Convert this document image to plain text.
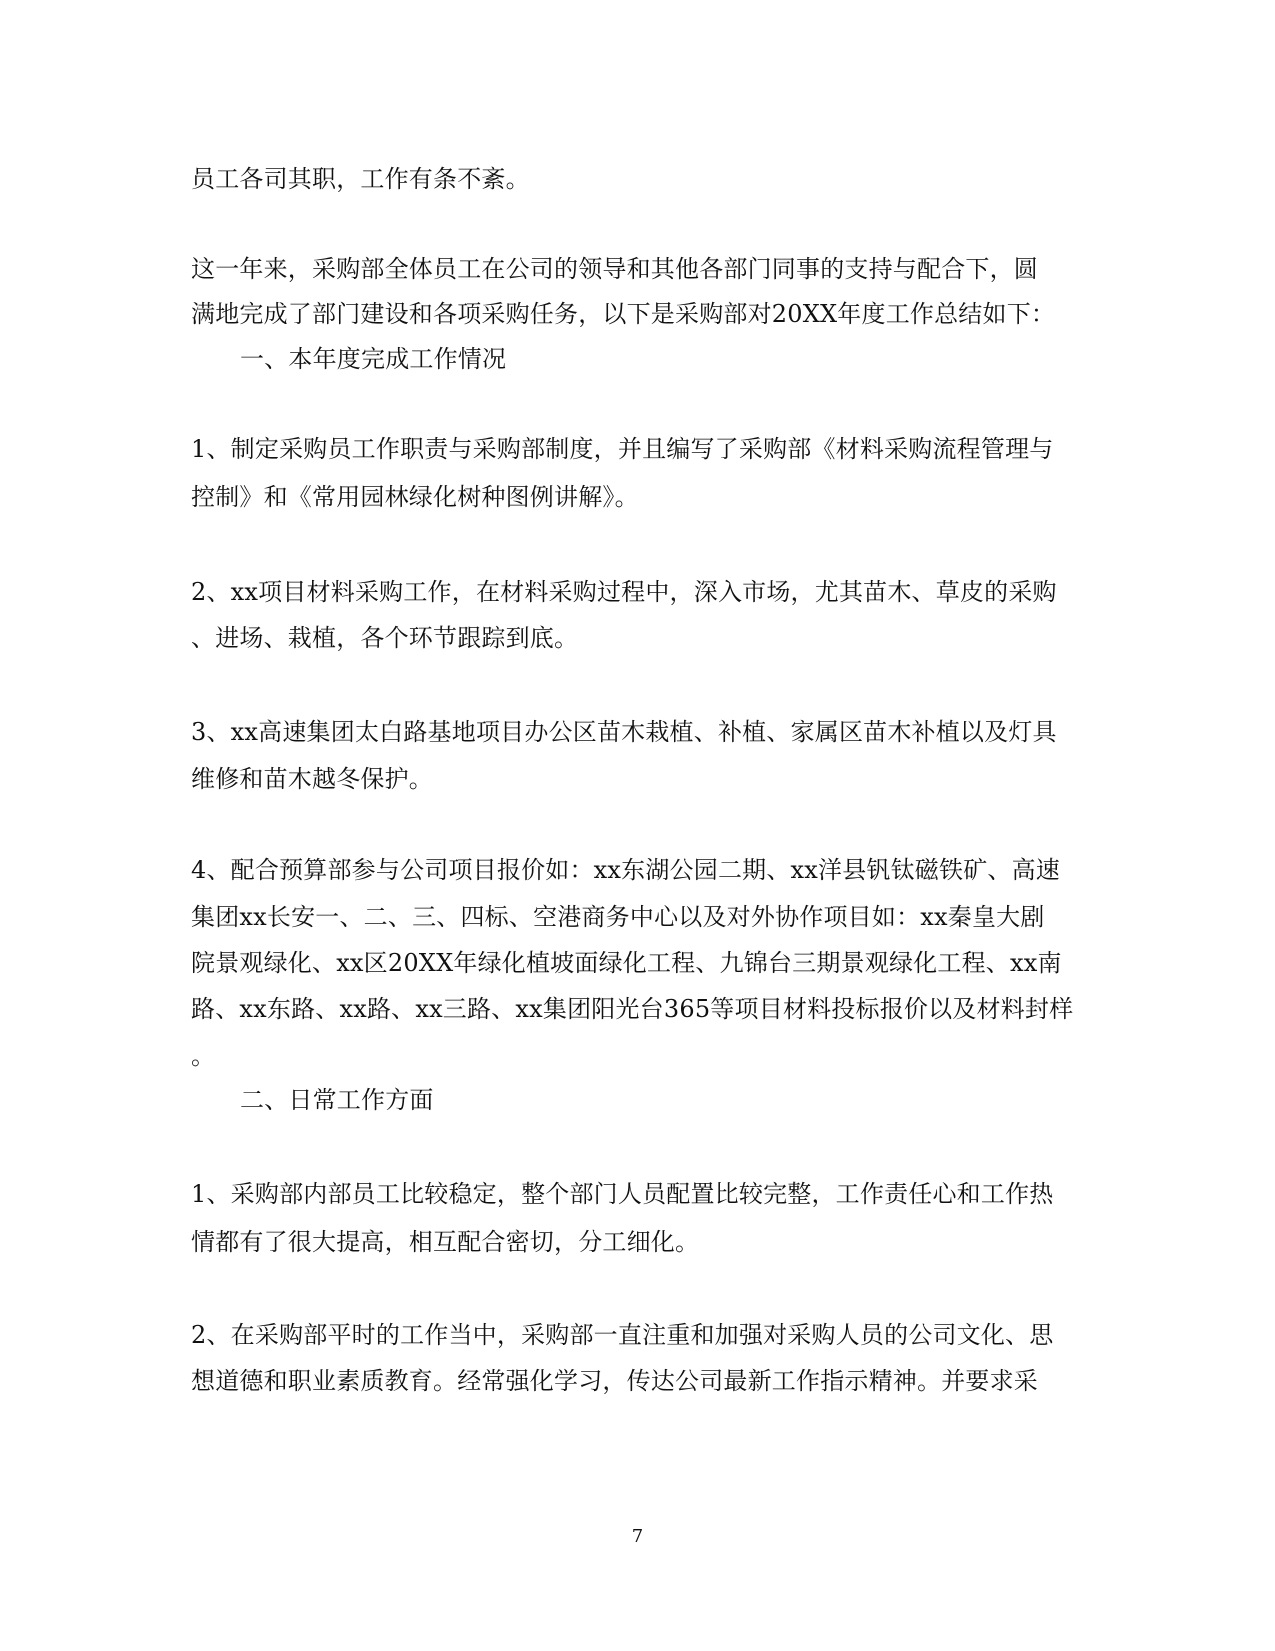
员工各司其职，工作有条不紊。
这一年来，采购部全体员工在公司的领导和其他各部门同事的支持与配合下，圆
满地完成了部门建设和各项采购任务，以下是采购部对20XX年度工作总结如下：
一、本年度完成工作情况
1、制定采购员工作职责与采购部制度，并且编写了采购部《材料采购流程管理与
控制》和《常用园林绿化树种图例讲解》。
2、xx项目材料采购工作，在材料采购过程中，深入市场，尤其苗木、草皮的采购
、进场、栽植，各个环节跟踪到底。
3、xx高速集团太白路基地项目办公区苗木栽植、补植、家属区苗木补植以及灯具
维修和苗木越冬保护。
4、配合预算部参与公司项目报价如：xx东湖公园二期、xx洋县钒钛磁铁矿、高速
集团xx长安一、二、三、四标、空港商务中心以及对外协作项目如：xx秦皇大剧
院景观绿化、xx区20XX年绿化植坡面绿化工程、九锦台三期景观绿化工程、xx南
路、xx东路、xx路、xx三路、xx集团阳光台365等项目材料投标报价以及材料封样
。
二、日常工作方面
1、采购部内部员工比较稳定，整个部门人员配置比较完整，工作责任心和工作热
情都有了很大提高，相互配合密切，分工细化。
2、在采购部平时的工作当中，采购部一直注重和加强对采购人员的公司文化、思
想道德和职业素质教育。经常强化学习，传达公司最新工作指示精神。并要求采
7
